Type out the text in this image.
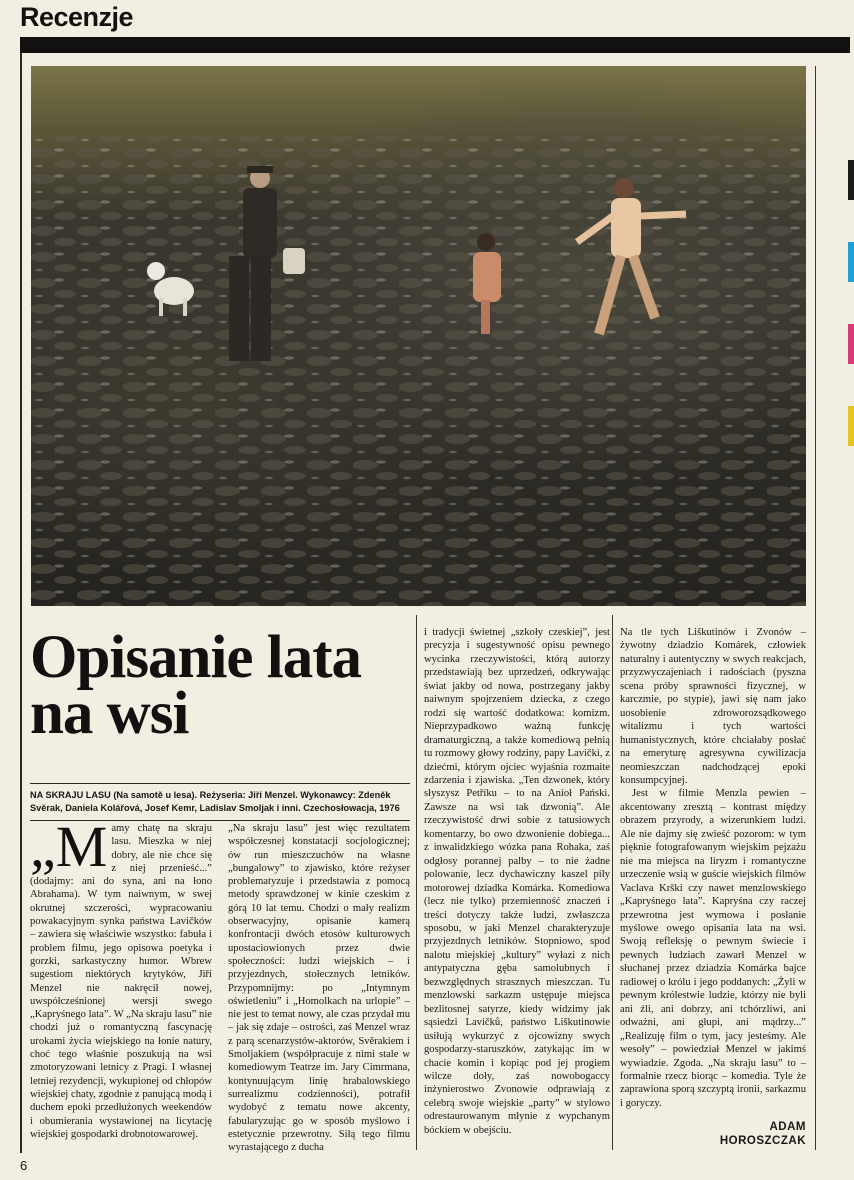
Recenzje
Opisanie lata na wsi
NA SKRAJU LASU (Na samotě u lesa). Reżyseria: Jiří Menzel. Wykonawcy: Zdeněk Svěrak, Daniela Kolářová, Josef Kemr, Ladislav Smoljak i inni. Czechosłowacja, 1976
„M amy chatę na skraju lasu. Mieszka w niej dobry, ale nie chce się z niej przenieść...” (dodajmy: ani do syna, ani na łono Abrahama). W tym naiwnym, w swej okrutnej szczerości, wypracowaniu powakacyjnym synka państwa Lavičków – zawiera się właściwie wszystko: fabuła i problem filmu, jego opisowa poetyka i gorzki, sarkastyczny humor. Wbrew sugestiom niektórych krytyków, Jiří Menzel nie nakręcił nowej, uwspółcześnionej wersji swego „Kapryśnego lata”. W „Na skraju lasu” nie chodzi już o romantyczną fascynację urokami życia wiejskiego na łonie natury, choć tego właśnie poszukują na wsi zmotoryzowani letnicy z Pragi. I własnej letniej rezydencji, wykupionej od chłopów wiejskiej chaty, zgodnie z panującą modą i duchem epoki przedłużonych weekendów i obumierania wystawionej na licytację wiejskiej gospodarki drobnotowarowej.

„Na skraju lasu” jest więc rezultatem współczesnej konstatacji socjologicznej; ów run mieszczuchów na własne „bungalowy” to zjawisko, które reżyser problematyzuje i przedstawia z pomocą metody sprawdzonej w kinie czeskim z górą 10 lat temu. Chodzi o mały realizm obserwacyjny, opisanie kamerą konfrontacji dwóch etosów kulturowych upostaciowionych przez dwie społeczności: ludzi wiejskich – i przyjezdnych, stołecznych letników. Przypomnijmy: po „Intymnym oświetleniu” i „Homolkach na urlopie” – nie jest to temat nowy, ale czas przydał mu – jak się zdaje – ostrości, zaś Menzel wraz z parą scenarzystów-aktorów, Svěrakiem i Smoljakiem (współpracuje z nimi stale w komediowym Teatrze im. Jary Cimrmana, kontynuującym linię hrabalowskiego surrealizmu codzienności), potrafił wydobyć z tematu nowe akcenty, fabularyzując go w sposób myślowo i estetycznie przewrotny. Siłą tego filmu wyrastającego z ducha

i tradycji świetnej „szkoły czeskiej”, jest precyzja i sugestywność opisu pewnego wycinka rzeczywistości, którą autorzy przedstawiają bez uprzedzeń, odkrywając świat jakby od nowa, postrzegany jakby naiwnym spojrzeniem dziecka, z czego rodzi się wartość dodatkowa: komizm. Nieprzypadkowo ważną funkcję dramaturgiczną, a także komediową pełnią tu rozmowy głowy rodziny, papy Lavički, z dziećmi, którym ojciec wyjaśnia rozmaite zdarzenia i zjawiska. „Ten dzwonek, który słyszysz Petříku – to na Anioł Pański. Zawsze na wsi tak dzwonią”. Ale rzeczywistość drwi sobie z tatusiowych komentarzy, bo owo dzwonienie dobiega... z inwalidzkiego wózka pana Rohaka, zaś odgłosy porannej palby – to nie żadne polowanie, lecz dychawiczny kaszel piły motorowej dziadka Komárka. Komediowa (lecz nie tylko) przemienność znaczeń i treści dotyczy także ludzi, zwłaszcza sposobu, w jaki Menzel charakteryzuje przyjezdnych letników. Stopniowo, spod nalotu miejskiej „kultury” wyłazi z nich antypatyczna gęba samolubnych i bezwzględnych strasznych mieszczan. Tu menzlowski sarkazm ustępuje miejsca bezlitosnej satyrze, kiedy widzimy jak sąsiedzi Lavičků, państwo Liškutinowie usiłują wykurzyć z ojcowizny swych gospodarzy-staruszków, zatykając im w chacie komin i kopiąc pod jej progiem wilcze doły, zaś nowobogaccy inżynierostwo Zvonowie odprawiają z celebrą swoje wiejskie „party” w stylowo odrestaurowanym młynie z wypchanym bóckiem w obejściu.

Na tle tych Liškutinów i Zvonów – żywotny dziadzio Komárek, człowiek naturalny i autentyczny w swych reakcjach, przyzwyczajeniach i radościach (pyszna scena próby sprawności fizycznej, w karczmie, po stypie), jawi się nam jako uosobienie zdroworozsądkowego witalizmu i tych wartości humanistycznych, które chciałaby posłać na emeryturę agresywna cywilizacja neomieszczan nadchodzącej epoki konsumpcyjnej.

Jest w filmie Menzla pewien – akcentowany zresztą – kontrast między obrazem przyrody, a wizerunkiem ludzi. Ale nie dajmy się zwieść pozorom: w tym pięknie fotografowanym wiejskim pejzażu nie ma miejsca na liryzm i romantyczne urzeczenie wsią w guście wiejskich filmów Vaclava Krški czy nawet menzlowskiego „Kapryśnego lata”. Kapryśna czy raczej przewrotna jest wymowa i posłanie myślowe owego opisania lata na wsi. Swoją refleksję o pewnym świecie i pewnych ludziach zawarł Menzel w słuchanej przez dziadzia Komárka bajce radiowej o królu i jego poddanych: „Żyli w pewnym królestwie ludzie, którzy nie byli ani źli, ani dobrzy, ani tchórzliwi, ani odważni, ani głupi, ani mądrzy...” „Realizuję film o tym, jacy jesteśmy. Ale wesoły” – powiedział Menzel w jakimś wywiadzie. Zgoda. „Na skraju lasu” to – formalnie rzecz biorąc – komedia. Tyle że zaprawiona sporą szczyptą ironii, sarkazmu i goryczy.

ADAM
HOROSZCZAK
6
